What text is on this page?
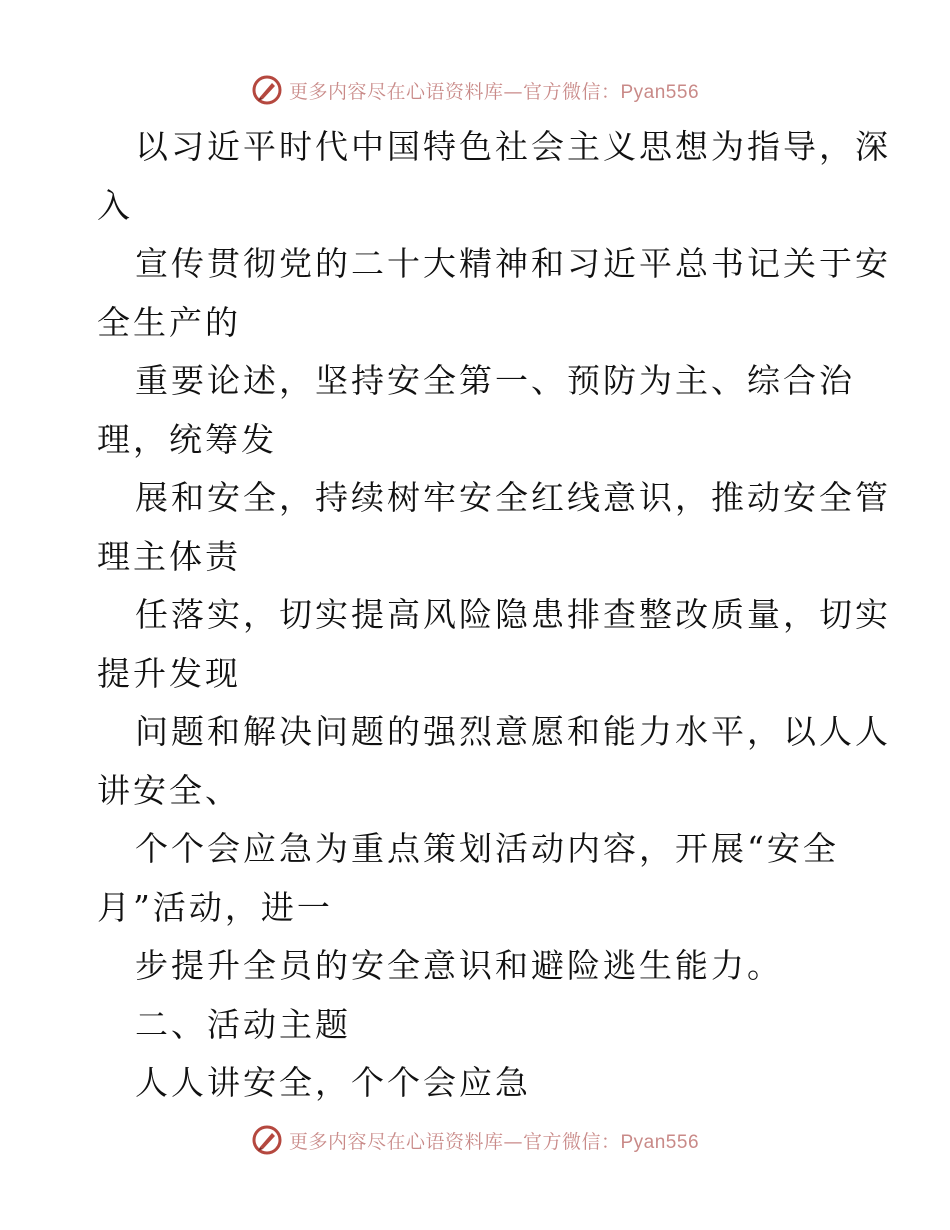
更多内容尽在心语资料库—官方微信：Pyan556
以习近平时代中国特色社会主义思想为指导，深
入
宣传贯彻党的二十大精神和习近平总书记关于安
全生产的
重要论述，坚持安全第一、预防为主、综合治
理，统筹发
展和安全，持续树牢安全红线意识，推动安全管
理主体责
任落实，切实提高风险隐患排查整改质量，切实
提升发现
问题和解决问题的强烈意愿和能力水平，以人人
讲安全、
个个会应急为重点策划活动内容，开展“安全
月”活动，进一
步提升全员的安全意识和避险逃生能力。
二、活动主题
人人讲安全，个个会应急
更多内容尽在心语资料库—官方微信：Pyan556
